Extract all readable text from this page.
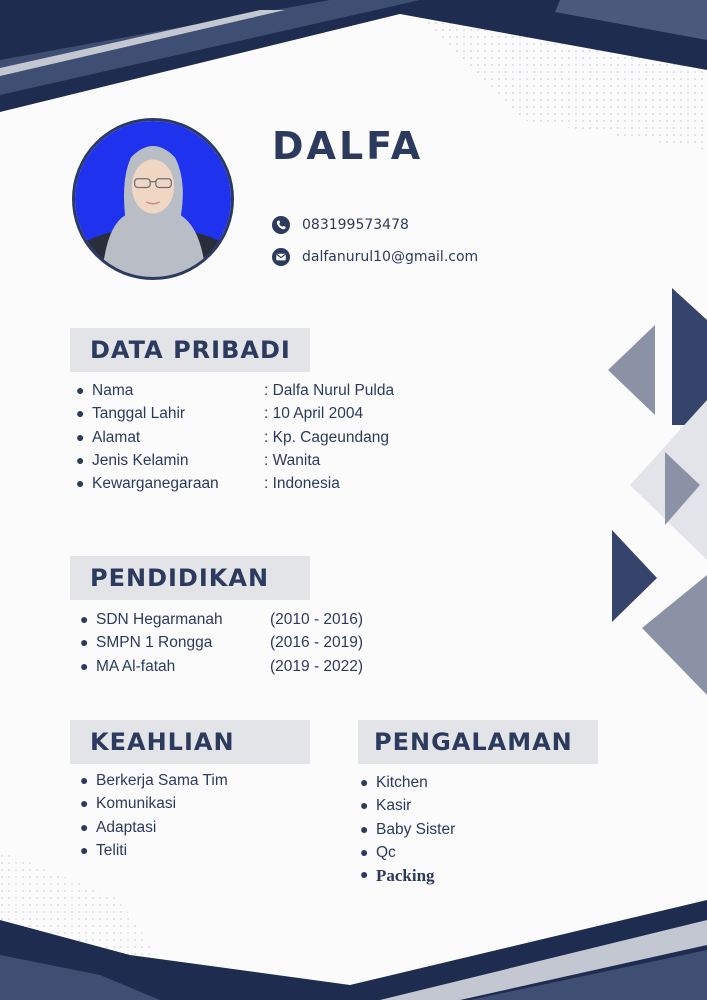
DALFA
083199573478
dalfanurul10@gmail.com
DATA PRIBADI
● Nama	: Dalfa Nurul Pulda
● Tanggal Lahir	: 10 April 2004
● Alamat	: Kp. Cageundang
● Jenis Kelamin	: Wanita
● Kewarganegaraan	: Indonesia
PENDIDIKAN
● SDN Hegarmanah	(2010 - 2016)
● SMPN 1 Rongga	(2016 - 2019)
● MA Al-fatah	(2019 - 2022)
KEAHLIAN
● Berkerja Sama Tim
● Komunikasi
● Adaptasi
● Teliti
PENGALAMAN
● Kitchen
● Kasir
● Baby Sister
● Qc
● Packing
